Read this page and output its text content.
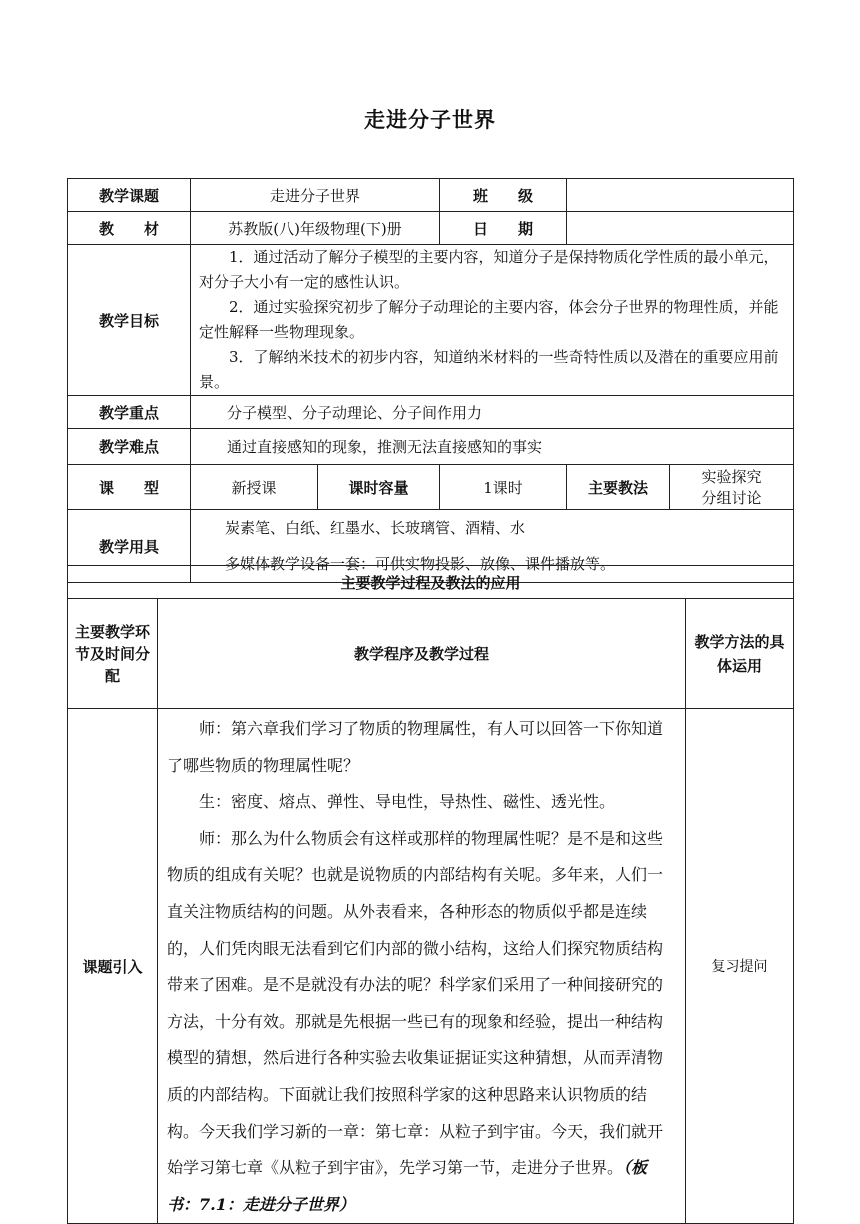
走进分子世界
教学课题	走进分子世界		班　　级		
教　　材	苏教版(八)年级物理(下)册		日　　期		
教学目标	1．通过活动了解分子模型的主要内容，知道分子是保持物质化学性质的最小单元，对分子大小有一定的感性认识。

2．通过实验探究初步了解分子动理论的主要内容，体会分子世界的物理性质，并能定性解释一些物理现象。

3．了解纳米技术的初步内容，知道纳米材料的一些奇特性质以及潜在的重要应用前景。				

教学重点	分子模型、分子动理论、分子间作用力				
教学难点	通过直接感知的现象，推测无法直接感知的事实				
课　　型	新授课	课时容量	1课时	主要教法	实验探究
分组讨论

教学用具	炭素笔、白纸、红墨水、长玻璃管、酒精、水

多媒体教学设备一套：可供实物投影、放像、课件播放等。				

主要教学过程及教法的应用		
主要教学环节及时间分配	教学程序及教学过程	教学方法的具体运用
课题引入	师：第六章我们学习了物质的物理属性，有人可以回答一下你知道了哪些物质的物理属性呢？

生：密度、熔点、弹性、导电性，导热性、磁性、透光性。

师：那么为什么物质会有这样或那样的物理属性呢？是不是和这些物质的组成有关呢？也就是说物质的内部结构有关呢。多年来，人们一直关注物质结构的问题。从外表看来，各种形态的物质似乎都是连续的，人们凭肉眼无法看到它们内部的微小结构，这给人们探究物质结构带来了困难。是不是就没有办法的呢？科学家们采用了一种间接研究的方法，十分有效。那就是先根据一些已有的现象和经验，提出一种结构模型的猜想，然后进行各种实验去收集证据证实这种猜想，从而弄清物质的内部结构。下面就让我们按照科学家的这种思路来认识物质的结构。今天我们学习新的一章：第七章：从粒子到宇宙。今天，我们就开始学习第七章《从粒子到宇宙》，先学习第一节，走进分子世界。（板书：7.1：走进分子世界）	复习提问
